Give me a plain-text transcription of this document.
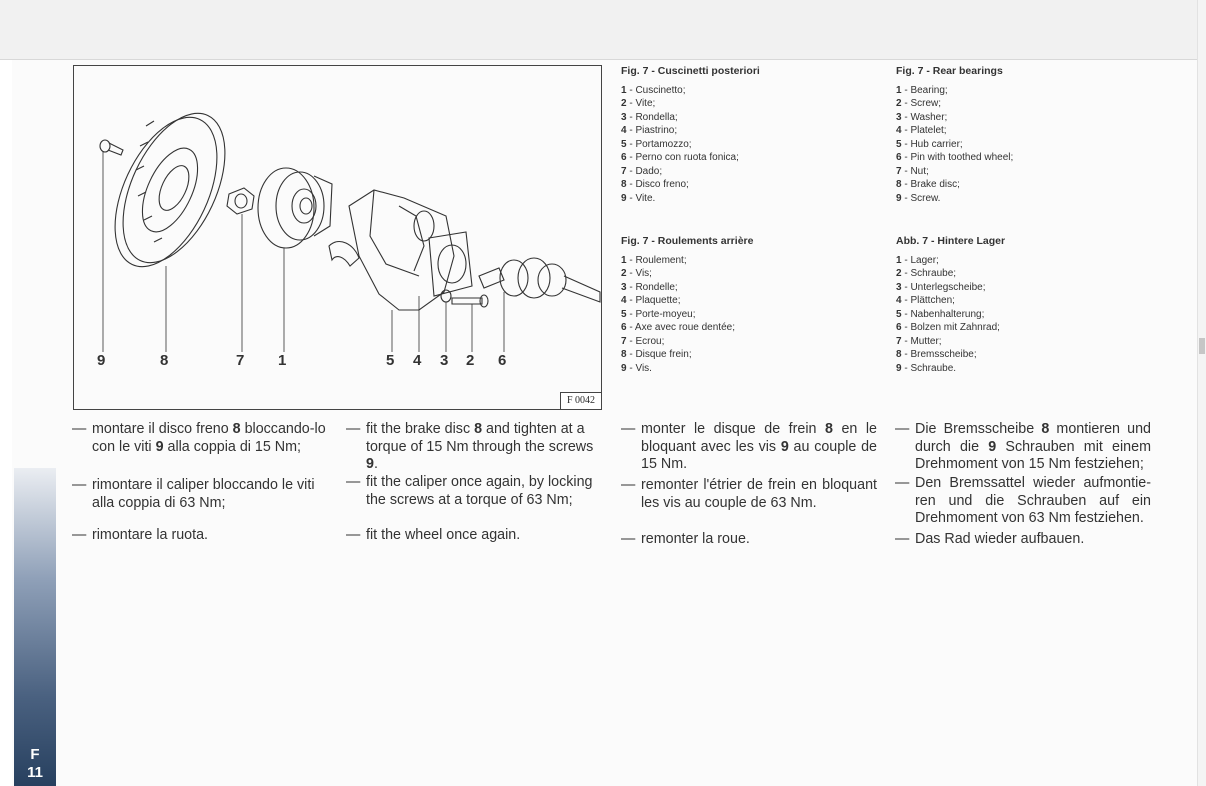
F
11
9	8	7 1	5 4 3 2 6
F 0042
Fig. 7 - Cuscinetti posteriori
1 - Cuscinetto;
2 - Vite;
3 - Rondella;
4 - Piastrino;
5 - Portamozzo;
6 - Perno con ruota fonica;
7 - Dado;
8 - Disco freno;
9 - Vite.
Fig. 7 - Rear bearings
1 - Bearing;
2 - Screw;
3 - Washer;
4 - Platelet;
5 - Hub carrier;
6 - Pin with toothed wheel;
7 - Nut;
8 - Brake disc;
9 - Screw.
Fig. 7 - Roulements arrière
1 - Roulement;
2 - Vis;
3 - Rondelle;
4 - Plaquette;
5 - Porte-moyeu;
6 - Axe avec roue dentée;
7 - Ecrou;
8 - Disque frein;
9 - Vis.
Abb. 7 - Hintere Lager
1 - Lager;
2 - Schraube;
3 - Unterlegscheibe;
4 - Plättchen;
5 - Nabenhalterung;
6 - Bolzen mit Zahnrad;
7 - Mutter;
8 - Bremsscheibe;
9 - Schraube.
— montare il disco freno 8 bloccando-lo con le viti 9 alla coppia di 15 Nm;
— rimontare il caliper bloccando le viti alla coppia di 63 Nm;
— rimontare la ruota.
— fit the brake disc 8 and tighten at a torque of 15 Nm through the screws 9.
— fit the caliper once again, by locking the screws at a torque of 63 Nm;
— fit the wheel once again.
— monter le disque de frein 8 en le bloquant avec les vis 9 au couple de 15 Nm.
— remonter l'étrier de frein en bloquant les vis au couple de 63 Nm.
— remonter la roue.
— Die Bremsscheibe 8 montieren und durch die 9 Schrauben mit einem Drehmoment von 15 Nm festziehen;
— Den Bremssattel wieder aufmontie-ren und die Schrauben auf ein Drehmoment von 63 Nm festziehen.
— Das Rad wieder aufbauen.
